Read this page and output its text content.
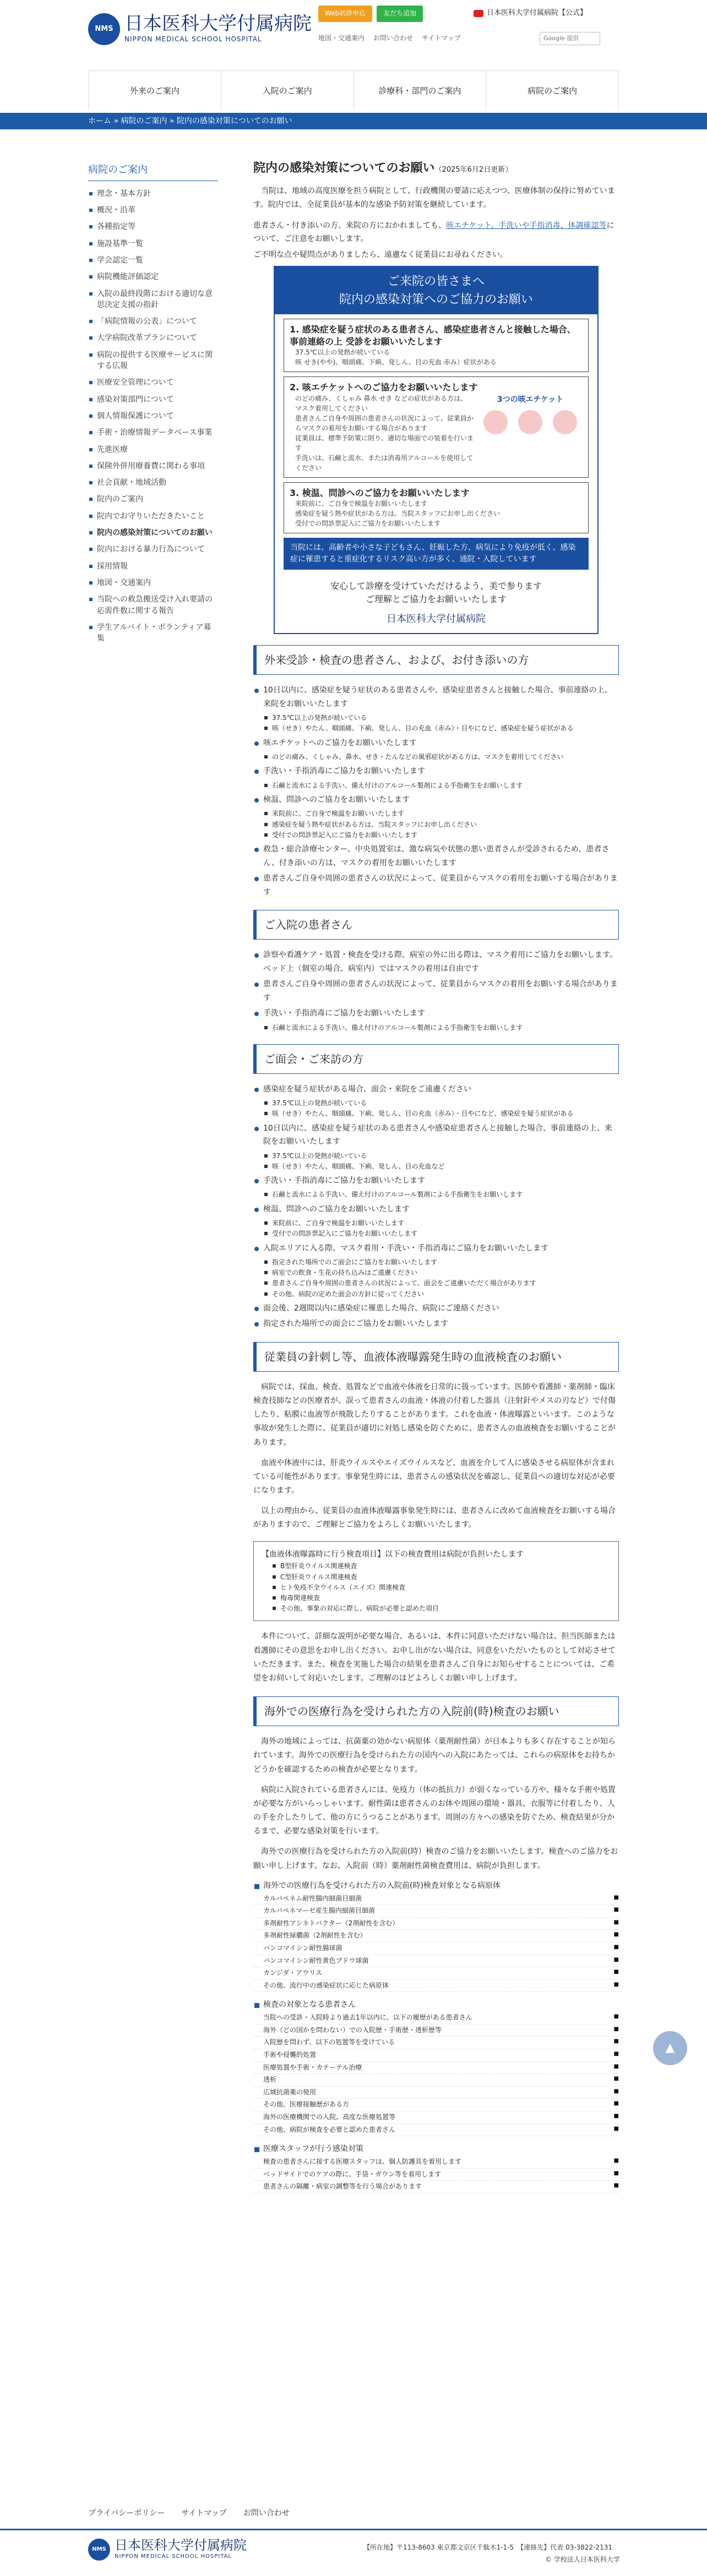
NMS 日本医科大学付属病院
NIPPON MEDICAL SCHOOL HOSPITAL
Web初診申込	友だち追加	日本医科大学付属病院【公式】
地図・交通案内 お問い合わせ サイトマップ	Google 提供
外来のご案内	入院のご案内	診療科・部門のご案内	病院のご案内
ホーム » 病院のご案内 » 院内の感染対策についてのお願い
病院のご案内
理念・基本方針
概況・沿革
各種指定等
施設基準一覧
学会認定一覧
病院機能評価認定
入院の最終段階における適切な意思決定支援の指針
「病院情報の公表」について
大学病院改革プランについて
病院の提供する医療サービスに関する広報
医療安全管理について
感染対策部門について
個人情報保護について
手術・治療情報データベース事業
先進医療
保険外併用療養費に関わる事項
社会貢献・地域活動
院内のご案内
院内でお守りいただきたいこと
院内の感染対策についてのお願い
院内における暴力行為について
採用情報
地図・交通案内
当院への救急搬送受け入れ要請の応需件数に関する報告
学生アルバイト・ボランティア募集
院内の感染対策についてのお願い（2025年6月2日更新）

当院は、地域の高度医療を担う病院として、行政機関の要請に応えつつ、医療体制の保持に努めています。院内では、全従業員が基本的な感染予防対策を継続しています。

患者さん・付き添いの方、来院の方におかれましても、咳エチケット、手洗いや手指消毒、体調確認等について、ご注意をお願いします。

ご不明な点や疑問点がありましたら、遠慮なく従業員にお尋ねください。

ご来院の皆さまへ
院内の感染対策へのご協力のお願い
1. 感染症を疑う症状のある患者さん、感染症患者さんと接触した場合、事前連絡の上 受診をお願いいたします
37.5℃以上の発熱が続いている
咳 せき(やや)、咽頭痛、下痢、発しん、目の充血 赤み）症状がある
2. 咳エチケットへのご協力をお願いいたします
のどの痛み、くしゃみ 鼻水 せき などの症状がある方は、マスク着用してください
患者さんご自身や周囲の患者さんの状況によって、従業員からマスクの着用をお願いする場合があります
従業員は、標準予防策に則り、適切な場面での装着を行います
手洗いは、石鹸と流水、または消毒用アルコールを使用してください
3つの咳エチケット
3. 検温、問診へのご協力をお願いいたします
来院前に、ご自身で検温をお願いいたします
感染症を疑う熱や症状がある方は、当院スタッフにお申し出ください
受付での問診票記入にご協力をお願いいたします
当院には、高齢者や小さな子どもさん、妊娠した方、病気により免疫が低く、感染症に罹患すると重症化するリスク高い方が多く、通院・入院しています
安心して診療を受けていただけるよう、美で参ります
ご理解とご協力をお願いいたします
日本医科大学付属病院
外来受診・検査の患者さん、および、お付き添いの方
10日以内に、感染症を疑う症状のある患者さんや、感染症患者さんと接触した場合、事前連絡の上、来院をお願いいたします
37.5℃以上の発熱が続いている
咳（せき）やたん、咽頭痛、下痢、発しん、目の充血（赤み）・目やになど、感染症を疑う症状がある
咳エチケットへのご協力をお願いいたします
のどの痛み、くしゃみ、鼻水、せき・たんなどの風邪症状がある方は、マスクを着用してください
手洗い・手指消毒にご協力をお願いいたします
石鹸と流水による手洗い、備え付けのアルコール製剤による手指衛生をお願いします
検温、問診へのご協力をお願いいたします
来院前に、ご自身で検温をお願いいたします
感染症を疑う熱や症状がある方は、当院スタッフにお申し出ください
受付での問診票記入にご協力をお願いいたします
救急・総合診療センター、中央処置室は、激な病気や状態の悪い患者さんが受診されるため、患者さん、付き添いの方は、マスクの着用をお願いいたします
患者さんご自身や周囲の患者さんの状況によって、従業員からマスクの着用をお願いする場合があります
ご入院の患者さん
診察や看護ケア・処置・検査を受ける際、病室の外に出る際は、マスク着用にご協力をお願いします。ベッド上（個室の場合、病室内）ではマスクの着用は自由です
患者さんご自身や周囲の患者さんの状況によって、従業員からマスクの着用をお願いする場合があります
手洗い・手指消毒にご協力をお願いいたします
石鹸と流水による手洗い、備え付けのアルコール製剤による手指衛生をお願いします
ご面会・ご来訪の方
感染症を疑う症状がある場合、面会・来院をご遠慮ください
37.5℃以上の発熱が続いている
咳（せき）やたん、咽頭痛、下痢、発しん、目の充血（赤み）・目やになど、感染症を疑う症状がある
10日以内に、感染症を疑う症状のある患者さんや感染症患者さんと接触した場合、事前連絡の上、来院をお願いいたします
37.5℃以上の発熱が続いている
咳（せき）やたん、咽頭痛、下痢、発しん、目の充血など
手洗い・手指消毒にご協力をお願いいたします
石鹸と流水による手洗い、備え付けのアルコール製剤による手指衛生をお願いします
検温、問診へのご協力をお願いいたします
来院前に、ご自身で検温をお願いいたします
受付での問診票記入にご協力をお願いいたします
入院エリアに入る際、マスク着用・手洗い・手指消毒にご協力をお願いいたします
指定された場所でのご面会にご協力をお願いいたします
病室での飲食・生花の持ち込みはご遠慮ください
患者さんご自身や周囲の患者さんの状況によって、面会をご遠慮いただく場合があります
その他、病院の定めた面会の方針に従ってください
面会後、2週間以内に感染症に罹患した場合、病院にご連絡ください
指定された場所での面会にご協力をお願いいたします
従業員の針刺し等、血液体液曝露発生時の血液検査のお願い

病院では、採血、検査、処置などで血液や体液を日常的に扱っています。医師や看護師・薬剤師・臨床検査技師などの医療者が、誤って患者さんの血液・体液の付着した器具（注射針やメスの刃など）で付傷したり、粘膜に血液等が飛散したりすることがあります。これを血液・体液曝露といいます。このような事故が発生した際に、従業員が適切に対処し感染を防ぐために、患者さんの血液検査をお願いすることがあります。

血液や体液中には、肝炎ウイルスやエイズウイルスなど、血液を介して人に感染させる病原体が含まれている可能性があります。事象発生時には、患者さんの感染状況を確認し、従業員への適切な対応が必要になります。

以上の理由から、従業員の血液体液曝露事象発生時には、患者さんに改めて血液検査をお願いする場合がありますので、ご理解とご協力をよろしくお願いいたします。

【血液体液曝露時に行う検査項目】以下の検査費用は病院が負担いたします
B型肝炎ウイルス関連検査
C型肝炎ウイルス関連検査
ヒト免疫不全ウイルス（エイズ）関連検査
梅毒関連検査
その他、事象の対応に際し、病院が必要と認めた項目

本件について、詳細な説明が必要な場合、あるいは、本件に同意いただけない場合は、担当医師または看護師にその意思をお申し出ください。お申し出がない場合は、同意をいただいたものとして対応させていただきます。また、検査を実施した場合の結果を患者さんご自身にお知らせすることについては、ご希望をお伺いして対応いたします。ご理解のほどよろしくお願い申し上げます。

海外での医療行為を受けられた方の入院前(時)検査のお願い

海外の地域によっては、抗菌薬の効かない病原体（薬剤耐性菌）が日本よりも多く存在することが知られています。海外での医療行為を受けられた方の国内への入院にあたっては、これらの病原体をお持ちかどうかを確認するための検査が必要となります。

病院に入院されている患者さんには、免疫力（体の抵抗力）が弱くなっている方や、様々な手術や処置が必要な方がいらっしゃいます。耐性菌は患者さんのお体や周囲の環境・器具、衣服等に付着したり、人の手を介したりして、他の方にうつることがあります。周囲の方々への感染を防ぐため、検査結果が分かるまで、必要な感染対策を行います。

海外での医療行為を受けられた方の入院前(時）検査のご協力をお願いいたします。検査へのご協力をお願い申し上げます。なお、入院前（時）薬剤耐性菌検査費用は、病院が負担します。

海外での医療行為を受けられた方の入院前(時)検査対象となる病原体
カルバペネム耐性腸内細菌目細菌	■
カルバペネマーゼ産生腸内細菌目細菌	■
多剤耐性アシネトバクター（2剤耐性を含む）	■
多剤耐性緑膿菌（2剤耐性を含む）	■
バンコマイシン耐性腸球菌	■
バンコマイシン耐性黄色ブドウ球菌	■
カンジダ・アウリス	■
その他、流行中の感染症状に応じた病原体	■
検査の対象となる患者さん
当院への受診・入院時より過去1年以内に、以下の履歴がある患者さん	■
海外（どの国かを問わない）での入院歴・手術歴・透析歴等	■
入院歴を問わず、以下の処置等を受けている	■
手術や侵襲的処置	■
医療処置や手術・カテーテル治療	■
透析	■
広域抗菌薬の使用	■
その他、医療接触歴がある方	■
海外の医療機関での入院、高度な医療処置等	■
その他、病院が検査を必要と認めた患者さん	■
医療スタッフが行う感染対策
検査の患者さんに接する医療スタッフは、個人防護具を着用します	■
ベッドサイドでのケアの際に、手袋・ガウン等を着用します	■
患者さんの隔離・病室の調整等を行う場合があります	■
▲
プライバシーポリシー サイトマップ お問い合わせ
NMS 日本医科大学付属病院
NIPPON MEDICAL SCHOOL HOSPITAL
【所在地】〒113-8603 東京都文京区千駄木1-1-5　【連絡先】代表 03-3822-2131
© 学校法人日本医科大学
